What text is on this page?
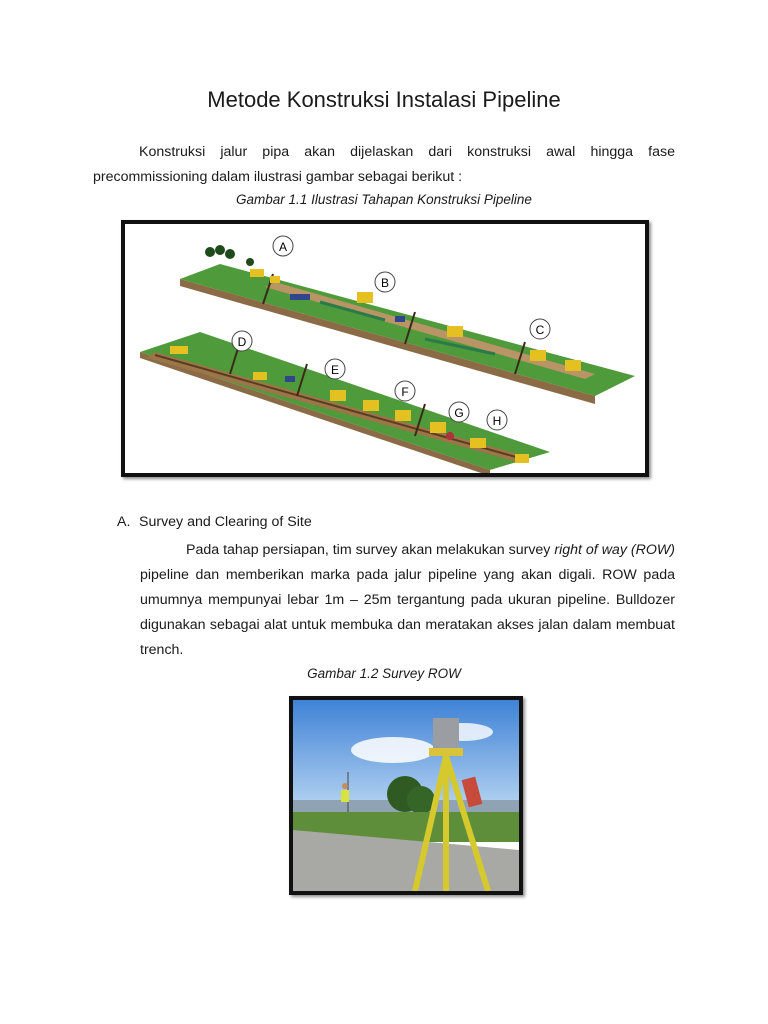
Metode Konstruksi Instalasi Pipeline

Konstruksi jalur pipa akan dijelaskan dari konstruksi awal hingga fase precommissioning dalam ilustrasi gambar sebagai berikut :

Gambar 1.1 Ilustrasi Tahapan Konstruksi Pipeline

A
B
C
D
E
F
G
H

A. Survey and Clearing of Site

Pada tahap persiapan, tim survey akan melakukan survey right of way (ROW) pipeline dan memberikan marka pada jalur pipeline yang akan digali. ROW pada umumnya mempunyai lebar 1m – 25m tergantung pada ukuran pipeline. Bulldozer digunakan sebagai alat untuk membuka dan meratakan akses jalan dalam membuat trench.

Gambar 1.2 Survey ROW
